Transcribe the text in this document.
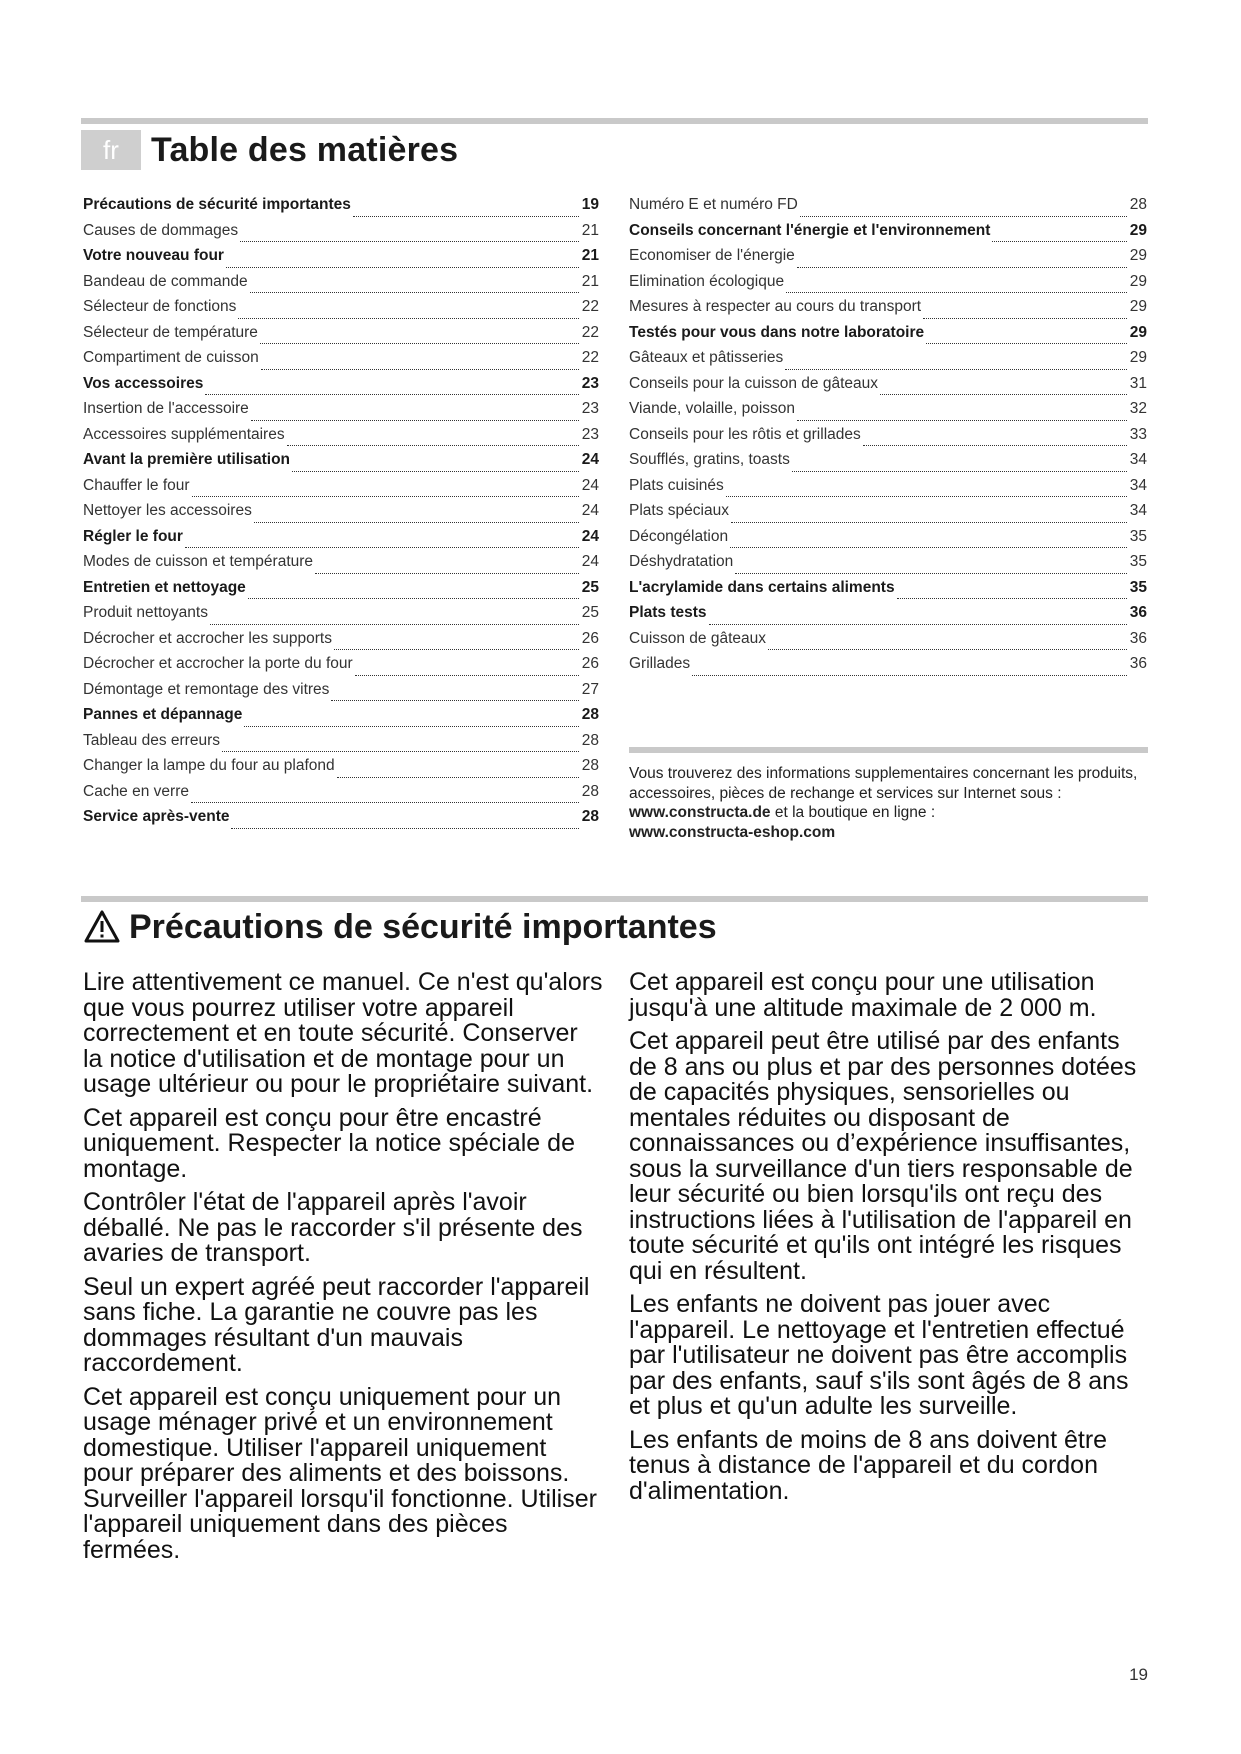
fr Table des matières
Précautions de sécurité importantes	19
Causes de dommages	21
Votre nouveau four	21
Bandeau de commande	21
Sélecteur de fonctions	22
Sélecteur de température	22
Compartiment de cuisson	22
Vos accessoires	23
Insertion de l'accessoire	23
Accessoires supplémentaires	23
Avant la première utilisation	24
Chauffer le four	24
Nettoyer les accessoires	24
Régler le four	24
Modes de cuisson et température	24
Entretien et nettoyage	25
Produit nettoyants	25
Décrocher et accrocher les supports	26
Décrocher et accrocher la porte du four	26
Démontage et remontage des vitres	27
Pannes et dépannage	28
Tableau des erreurs	28
Changer la lampe du four au plafond	28
Cache en verre	28
Service après-vente	28
Numéro E et numéro FD	28
Conseils concernant l'énergie et l'environnement	29
Economiser de l'énergie	29
Elimination écologique	29
Mesures à respecter au cours du transport	29
Testés pour vous dans notre laboratoire	29
Gâteaux et pâtisseries	29
Conseils pour la cuisson de gâteaux	31
Viande, volaille, poisson	32
Conseils pour les rôtis et grillades	33
Soufflés, gratins, toasts	34
Plats cuisinés	34
Plats spéciaux	34
Décongélation	35
Déshydratation	35
L'acrylamide dans certains aliments	35
Plats tests	36
Cuisson de gâteaux	36
Grillades	36
Vous trouverez des informations supplementaires concernant les produits, accessoires, pièces de rechange et services sur Internet sous : www.constructa.de et la boutique en ligne :
www.constructa-eshop.com
Précautions de sécurité importantes

Lire attentivement ce manuel. Ce n'est qu'alors que vous pourrez utiliser votre appareil correctement et en toute sécurité. Conserver la notice d'utilisation et de montage pour un usage ultérieur ou pour le propriétaire suivant.

Cet appareil est conçu pour être encastré uniquement. Respecter la notice spéciale de montage.

Contrôler l'état de l'appareil après l'avoir déballé. Ne pas le raccorder s'il présente des avaries de transport.

Seul un expert agréé peut raccorder l'appareil sans fiche. La garantie ne couvre pas les dommages résultant d'un mauvais raccordement.

Cet appareil est conçu uniquement pour un usage ménager privé et un environnement domestique. Utiliser l'appareil uniquement pour préparer des aliments et des boissons. Surveiller l'appareil lorsqu'il fonctionne. Utiliser l'appareil uniquement dans des pièces fermées.

Cet appareil est conçu pour une utilisation jusqu'à une altitude maximale de 2 000 m.

Cet appareil peut être utilisé par des enfants de 8 ans ou plus et par des personnes dotées de capacités physiques, sensorielles ou mentales réduites ou disposant de connaissances ou d’expérience insuffisantes, sous la surveillance d'un tiers responsable de leur sécurité ou bien lorsqu'ils ont reçu des instructions liées à l'utilisation de l'appareil en toute sécurité et qu'ils ont intégré les risques qui en résultent.

Les enfants ne doivent pas jouer avec l'appareil. Le nettoyage et l'entretien effectué par l'utilisateur ne doivent pas être accomplis par des enfants, sauf s'ils sont âgés de 8 ans et plus et qu'un adulte les surveille.

Les enfants de moins de 8 ans doivent être tenus à distance de l'appareil et du cordon d'alimentation.

19
